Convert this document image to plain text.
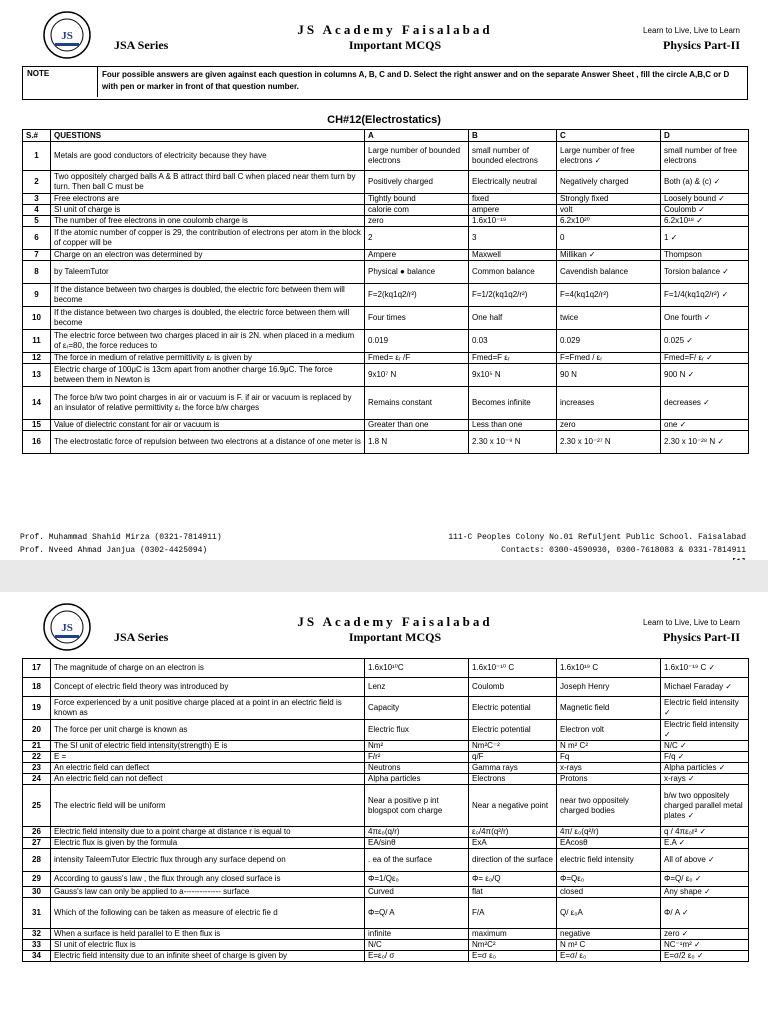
JS
JSA Series
JS Academy Faisalabad
Important MCQS
Learn to Live, Live to Learn
Physics Part-II
NOTE	Four possible answers are given against each question in columns A, B, C and D. Select the right answer and on the separate Answer Sheet , fill the circle A,B,C or D with pen or marker in front of that question number.
CH#12(Electrostatics)
S.#	QUESTIONS	A	B	C	D
1	Metals are good conductors of electricity because they have	Large number of bounded electrons	small number of bounded electrons	Large number of free electrons ✓	small number of free electrons
2	Two oppositely charged balls A & B attract third ball C when placed near them turn by turn. Then ball C must be	Positively charged	Electrically neutral	Negatively charged	Both (a) & (c) ✓
3	Free electrons are	Tightly bound	fixed	Strongly fixed	Loosely bound ✓
4	SI unit of charge is	calorie com	ampere	volt	Coulomb ✓
5	The number of free electrons in one coulomb charge is	zero	1.6x10⁻¹⁹	6.2x10²⁰	6.2x10¹⁸ ✓
6	If the atomic number of copper is 29, the contribution of electrons per atom in the block of copper will be	2	3	0	1 ✓
7	Charge on an electron was determined by	Ampere	Maxwell	Millikan ✓	Thompson
8	by TaleemTutor	Physical ● balance	Common balance	Cavendish balance	Torsion balance ✓
9	If the distance between two charges is doubled, the electric forc between them will become	F=2(kq1q2/r²)	F=1/2(kq1q2/r²)	F=4(kq1q2/r²)	F=1/4(kq1q2/r²) ✓
10	If the distance between two charges is doubled, the electric force between them will become	Four times	One half	twice	One fourth ✓
11	The electric force between two charges placed in air is 2N. when placed in a medium of εᵣ=80, the force reduces to	0.019	0.03	0.029	0.025 ✓
12	The force in medium of relative permittivity εᵣ is given by	Fmed= εᵣ /F	Fmed=F εᵣ	F=Fmed / εᵣ	Fmed=F/ εᵣ ✓
13	Electric charge of 100μC is 13cm apart from another charge 16.9μC. The force between them in Newton is	9x10⁷ N	9x10⁵ N	90 N	900 N ✓
14	The force b/w two point charges in air or vacuum is F. if air or vacuum is replaced by an insulator of relative permittivity εᵣ the force b/w charges	Remains constant	Becomes infinite	increases	decreases ✓
15	Value of dielectric constant for air or vacuum is	Greater than one	Less than one	zero	one ✓
16	The electrostatic force of repulsion between two electrons at a distance of one meter is	1.8 N	2.30 x 10⁻⁹ N	2.30 x 10⁻²⁷ N	2.30 x 10⁻²⁸ N ✓
Prof. Muhammad Shahid Mirza (0321-7814911)
Prof. Nveed Ahmad Janjua (0302-4425094)
111-C Peoples Colony No.01 Refuljent Public School. Faisalabad
Contacts: 0300-4590930, 0300-7618083 & 0331-7814911
JS
JSA Series
JS Academy Faisalabad
Important MCQS
Learn to Live, Live to Learn
Physics Part-II
17	The magnitude of charge on an electron is	1.6x10¹⁰C	1.6x10⁻¹⁰ C	1.6x10¹⁹ C	1.6x10⁻¹⁹ C ✓
18	Concept of electric field theory was introduced by	Lenz	Coulomb	Joseph Henry	Michael Faraday ✓
19	Force experienced by a unit positive charge placed at a point in an electric field is known as	Capacity	Electric potential	Magnetic field	Electric field intensity ✓
20	The force per unit charge is known as	Electric flux	Electric potential	Electron volt	Electric field intensity ✓
21	The SI unit of electric field intensity(strength) E is	Nm²	Nm²C⁻²	N m² C²	N/C ✓
22	E =	F/r²	q/F	Fq	F/q ✓
23	An electric field can deflect	Neutrons	Gamma rays	x-rays	Alpha particles ✓
24	An electric field can not deflect	Alpha particles	Electrons	Protons	x-rays ✓
25	The electric field will be uniform	Near a positive p int blogspot com charge	Near a negative point	near two oppositely charged bodies	b/w two oppositely charged parallel metal plates ✓
26	Electric field intensity due to a point charge at distance r is equal to	4πε₀(q/r)	ε₀/4π(q²/r)	4π/ ε₀(q²/r)	q / 4πε₀r² ✓
27	Electric flux is given by the formula	EA/sinθ	ExA	EAcosθ	E.A ✓
28	intensity TaleemTutor Electric flux through any surface depend on	. ea of the surface	direction of the surface	electric field intensity	All of above ✓
29	According to gauss's law , the flux through any closed surface is	Φ=1/Qε₀	Φ= ε₀/Q	Φ=Qε₀	Φ=Q/ ε₀ ✓
30	Gauss's law can only be applied to a-------------- surface	Curved	flat	closed	Any shape ✓
31	Which of the following can be taken as measure of electric fie d	Φ=Q/ A	F/A	Q/ ε₀A	Φ/ A ✓
32	When a surface is held parallel to E then flux is	infinite	maximum	negative	zero ✓
33	SI unit of electric flux is	N/C	Nm²C²	N m² C	NC⁻¹m² ✓
34	Electric field intensity due to an infinite sheet of charge is given by	E=ε₀/ σ	E=σ ε₀	E=σ/ ε₀	E=σ/2 ε₀ ✓
